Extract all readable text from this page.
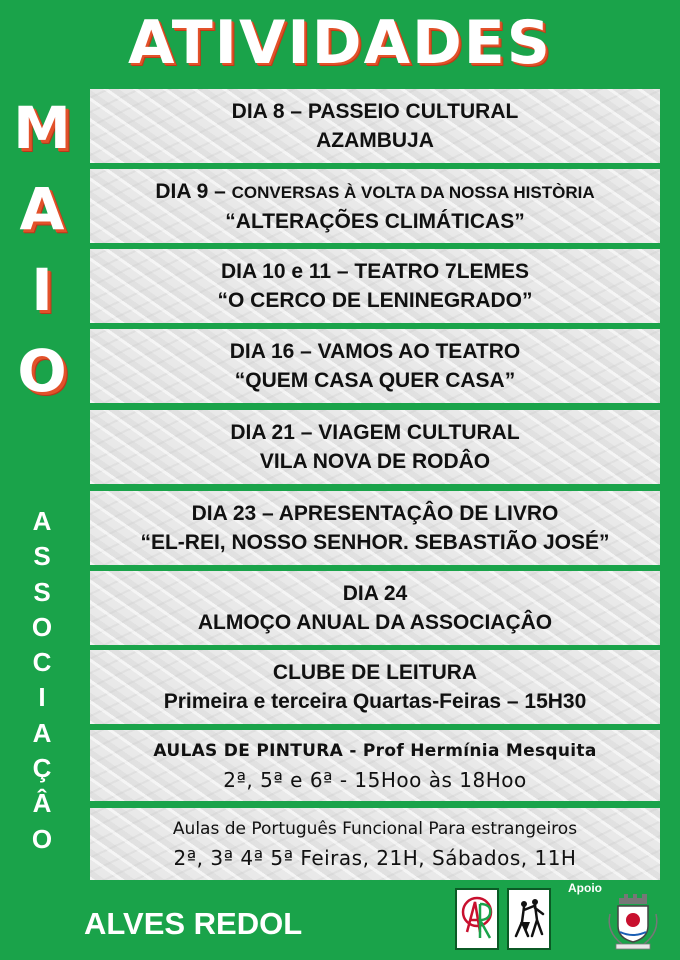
ATIVIDADES
M
A
I
O
A
S
S
O
C
I
A
Ç
Â
O
ALVES REDOL
DIA 8 – PASSEIO CULTURAL
AZAMBUJA
DIA 9 – CONVERSAS À VOLTA DA NOSSA HISTÒRIA
“ALTERAÇÕES CLIMÁTICAS”
DIA 10 e 11 – TEATRO 7LEMES
“O CERCO DE LENINEGRADO”
DIA 16 – VAMOS AO TEATRO
“QUEM CASA QUER CASA”
DIA 21 – VIAGEM CULTURAL
VILA NOVA DE RODÂO
DIA 23 – APRESENTAÇÂO DE LIVRO
“EL-REI, NOSSO SENHOR. SEBASTIÃO JOSÉ”
DIA 24
ALMOÇO ANUAL DA ASSOCIAÇÂO
CLUBE DE LEITURA
Primeira e terceira Quartas-Feiras – 15H30
AULAS DE PINTURA - Prof Hermínia Mesquita
2ª, 5ª e 6ª - 15Hoo às 18Hoo
Aulas de Português Funcional Para estrangeiros
2ª, 3ª 4ª 5ª Feiras, 21H, Sábados, 11H
Apoio
